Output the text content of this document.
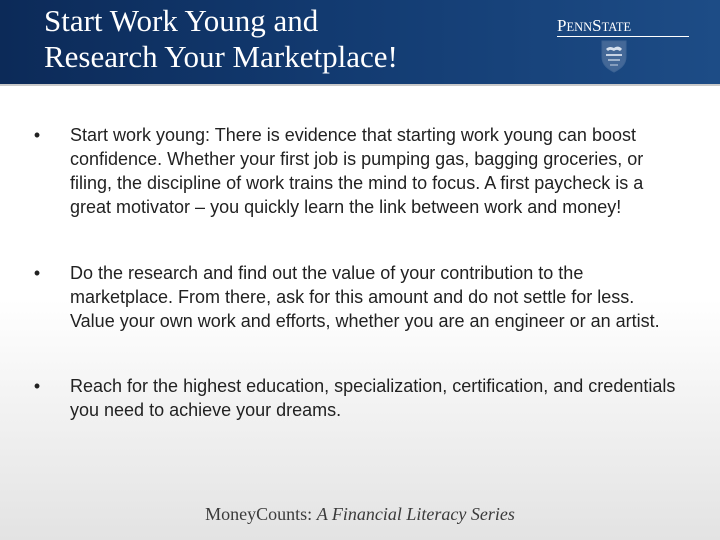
Start Work Young and
Research Your Marketplace!
PENNSTATE
• Start work young: There is evidence that starting work young can boost confidence. Whether your first job is pumping gas, bagging groceries, or filing, the discipline of work trains the mind to focus. A first paycheck is a great motivator – you quickly learn the link between work and money!
• Do the research and find out the value of your contribution to the marketplace. From there, ask for this amount and do not settle for less. Value your own work and efforts, whether you are an engineer or an artist.
• Reach for the highest education, specialization, certification, and credentials you need to achieve your dreams.
MoneyCounts: A Financial Literacy Series
